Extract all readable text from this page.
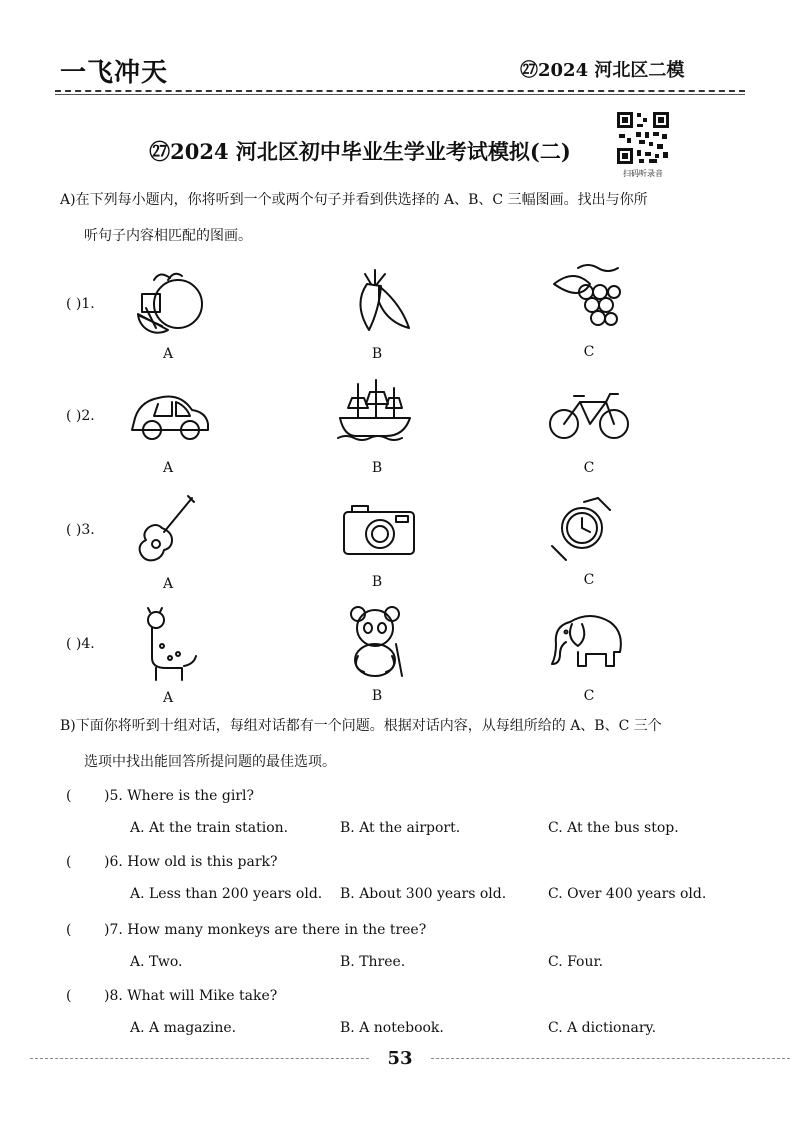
一飞冲天	㉗2024 河北区二模
㉗2024 河北区初中毕业生学业考试模拟(二)
扫码听录音
A)在下列每小题内，你将听到一个或两个句子并看到供选择的 A、B、C 三幅图画。找出与你所
听句子内容相匹配的图画。
( )1.
A	B	C
( )2.
A	B	C
( )3.
A	B	C
( )4.
A	B	C
B)下面你将听到十组对话，每组对话都有一个问题。根据对话内容，从每组所给的 A、B、C 三个
选项中找出能回答所提问题的最佳选项。
( )5. Where is the girl?
A. At the train station.	B. At the airport.	C. At the bus stop.
( )6. How old is this park?
A. Less than 200 years old. B. About 300 years old.	C. Over 400 years old.
( )7. How many monkeys are there in the tree?
A. Two.	B. Three.	C. Four.
( )8. What will Mike take?
A. A magazine.	B. A notebook.	C. A dictionary.
53
